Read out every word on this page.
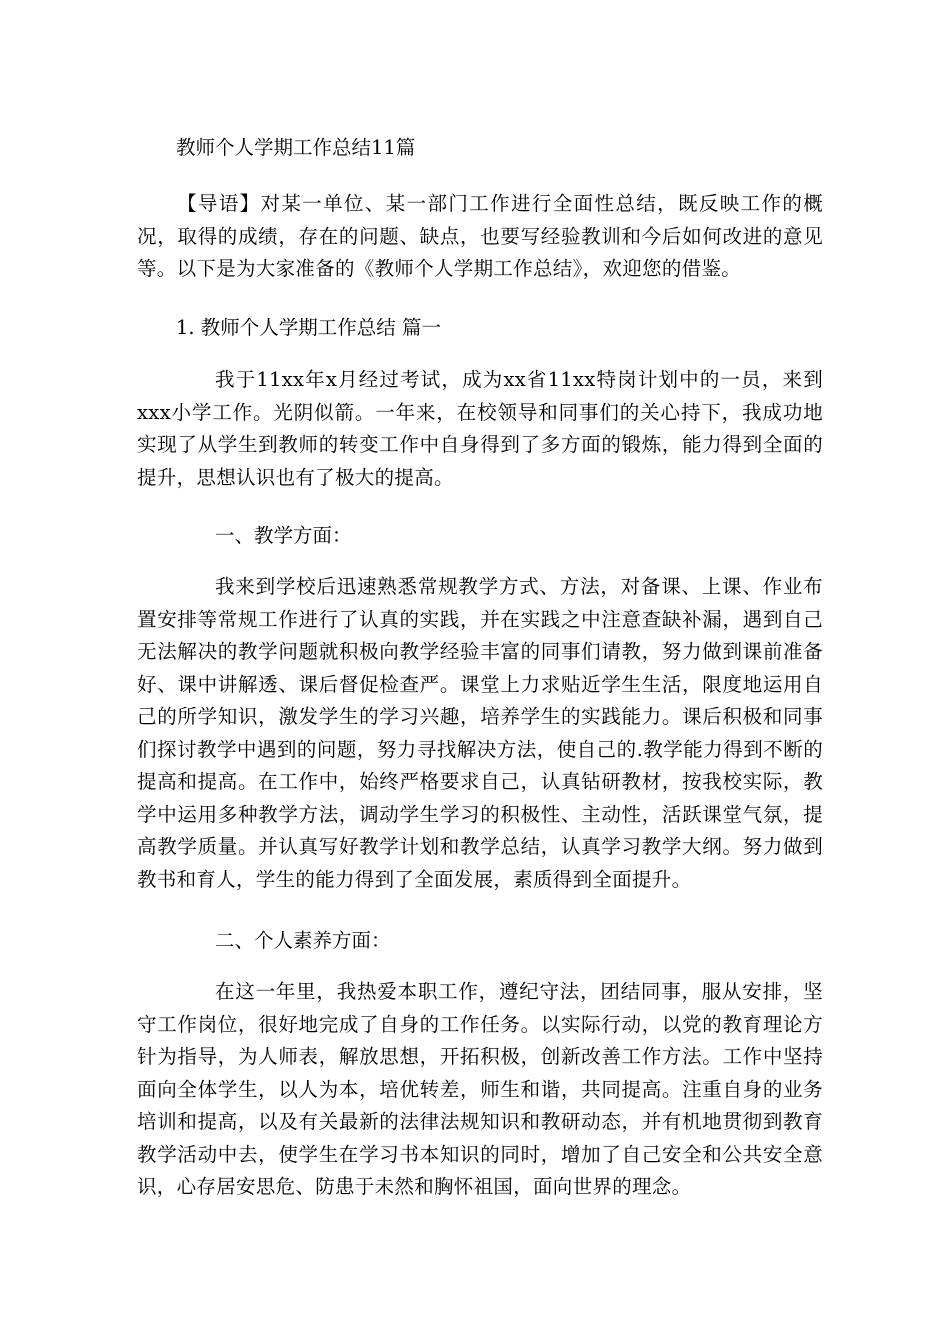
教师个人学期工作总结11篇
【导语】对某一单位、某一部门工作进行全面性总结，既反映工作的概况，取得的成绩，存在的问题、缺点，也要写经验教训和今后如何改进的意见等。以下是为大家准备的《教师个人学期工作总结》，欢迎您的借鉴。
1. 教师个人学期工作总结 篇一
我于11xx年x月经过考试，成为xx省11xx特岗计划中的一员，来到xxx小学工作。光阴似箭。一年来，在校领导和同事们的关心持下，我成功地实现了从学生到教师的转变工作中自身得到了多方面的锻炼，能力得到全面的提升，思想认识也有了极大的提高。
一、教学方面：
我来到学校后迅速熟悉常规教学方式、方法，对备课、上课、作业布置安排等常规工作进行了认真的实践，并在实践之中注意查缺补漏，遇到自己无法解决的教学问题就积极向教学经验丰富的同事们请教，努力做到课前准备好、课中讲解透、课后督促检查严。课堂上力求贴近学生生活，限度地运用自己的所学知识，激发学生的学习兴趣，培养学生的实践能力。课后积极和同事们探讨教学中遇到的问题，努力寻找解决方法，使自己的.教学能力得到不断的提高和提高。在工作中，始终严格要求自己，认真钻研教材，按我校实际，教学中运用多种教学方法，调动学生学习的积极性、主动性，活跃课堂气氛，提高教学质量。并认真写好教学计划和教学总结，认真学习教学大纲。努力做到教书和育人，学生的能力得到了全面发展，素质得到全面提升。
二、个人素养方面：
在这一年里，我热爱本职工作，遵纪守法，团结同事，服从安排，坚守工作岗位，很好地完成了自身的工作任务。以实际行动，以党的教育理论方针为指导，为人师表，解放思想，开拓积极，创新改善工作方法。工作中坚持面向全体学生，以人为本，培优转差，师生和谐，共同提高。注重自身的业务培训和提高，以及有关最新的法律法规知识和教研动态，并有机地贯彻到教育教学活动中去，使学生在学习书本知识的同时，增加了自己安全和公共安全意识，心存居安思危、防患于未然和胸怀祖国，面向世界的理念。
